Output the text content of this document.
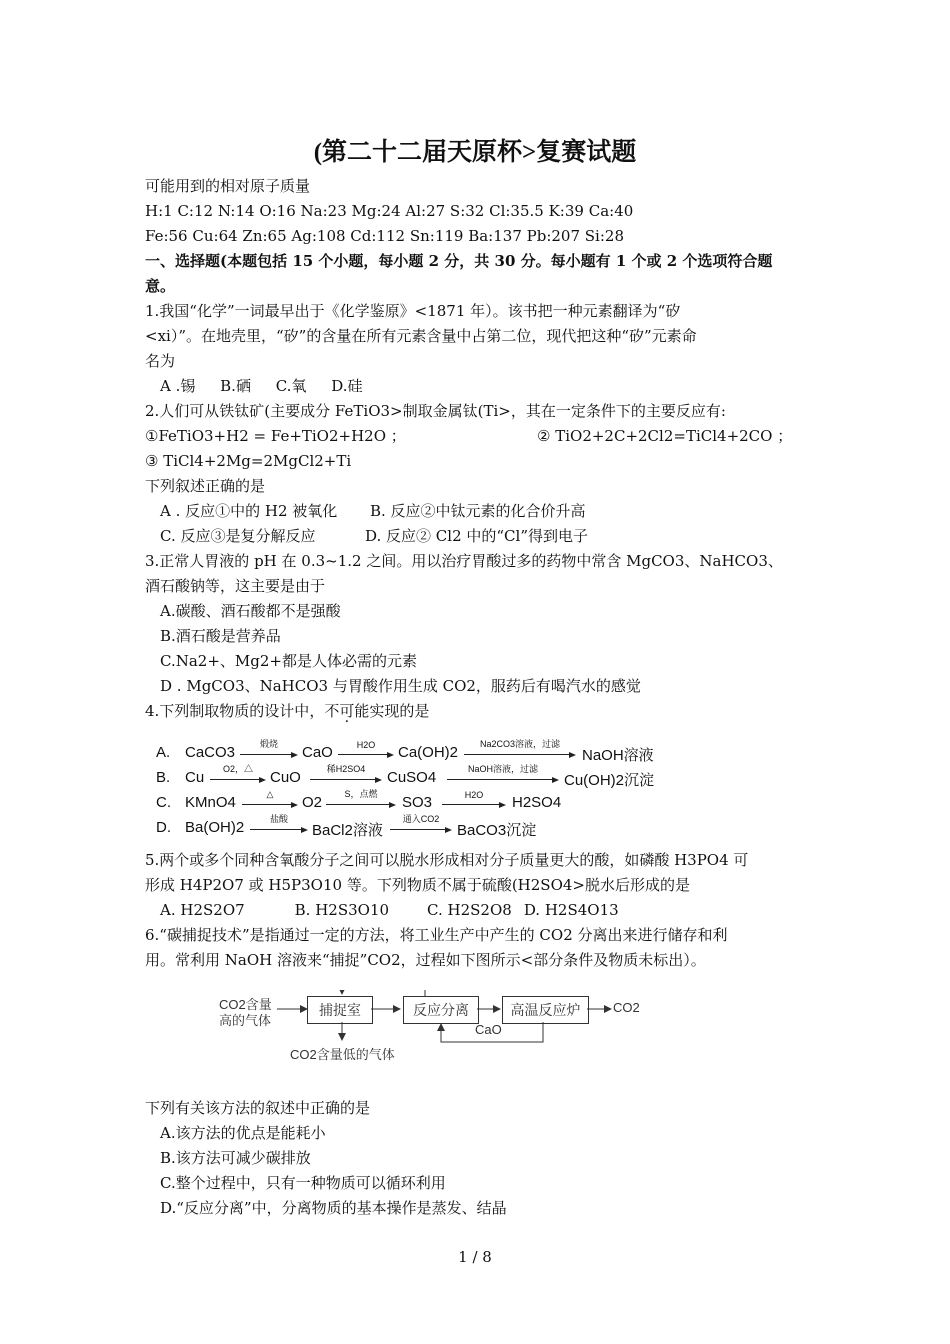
(第二十二届天原杯>复赛试题
可能用到的相对原子质量
H:1 C:12 N:14 O:16 Na:23 Mg:24 Al:27 S:32 Cl:35.5 K:39 Ca:40
Fe:56 Cu:64 Zn:65 Ag:108 Cd:112 Sn:119 Ba:137 Pb:207 Si:28
一、选择题(本题包括 15 个小题，每小题 2 分，共 30 分。每小题有 1 个或 2 个选项符合题
意。
1.我国“化学”一词最早出于《化学鉴原》<1871 年）。该书把一种元素翻译为“矽
<xi）”。在地壳里，“矽”的含量在所有元素含量中占第二位，现代把这种“矽”元素命
名为
A .锡 B.硒 C.氧 D.硅
2.人们可从铁钛矿(主要成分 FeTiO3>制取金属钛(Ti>，其在一定条件下的主要反应有:
①FeTiO3+H2 = Fe+TiO2+H2O ；	② TiO2+2C+2Cl2=TiCl4+2CO ；
③ TiCl4+2Mg=2MgCl2+Ti
下列叙述正确的是
A . 反应①中的 H2 被氧化 B. 反应②中钛元素的化合价升高
C. 反应③是复分解反应	D. 反应② Cl2 中的“Cl”得到电子
3.正常人胃液的 pH 在 0.3~1.2 之间。用以治疗胃酸过多的药物中常含 MgCO3、NaHCO3、
酒石酸钠等，这主要是由于
A.碳酸、酒石酸都不是强酸
B.酒石酸是营养品
C.Na2+、Mg2+都是人体必需的元素
D . MgCO3、NaHCO3 与胃酸作用生成 CO2，服药后有喝汽水的感觉
4.下列制取物质的设计中，不可能实现的是
A. CaCO3	煅烧	CaO	H2O	Ca(OH)2	Na2CO3溶液，过滤
NaOH溶液
B. Cu	O2，△	CuO	稀H2SO4	CuSO4	NaOH溶液，过滤
Cu(OH)2沉淀
C. KMnO4	△	O2	S，点燃	SO3	H2O	H2SO4
D. Ba(OH)2	盐酸
BaCl2溶液
通入CO2
BaCO3沉淀
5.两个或多个同种含氧酸分子之间可以脱水形成相对分子质量更大的酸，如磷酸 H3PO4 可
形成 H4P2O7 或 H5P3O10 等。下列物质不属于硫酸(H2SO4>脱水后形成的是
A. H2S2O7	B. H2S3O10	C. H2S2O8 D. H2S4O13
6.“碳捕捉技术”是指通过一定的方法，将工业生产中产生的 CO2 分离出来进行储存和利
用。常利用 NaOH 溶液来“捕捉”CO2，过程如下图所示<部分条件及物质未标出）。
CO2含量
高的气体
捕捉室	反应分离	高温反应炉	CO2
CaO
CO2含量低的气体
下列有关该方法的叙述中正确的是
A.该方法的优点是能耗小
B.该方法可减少碳排放
C.整个过程中，只有一种物质可以循环利用
D.“反应分离”中，分离物质的基本操作是蒸发、结晶
1 / 8
